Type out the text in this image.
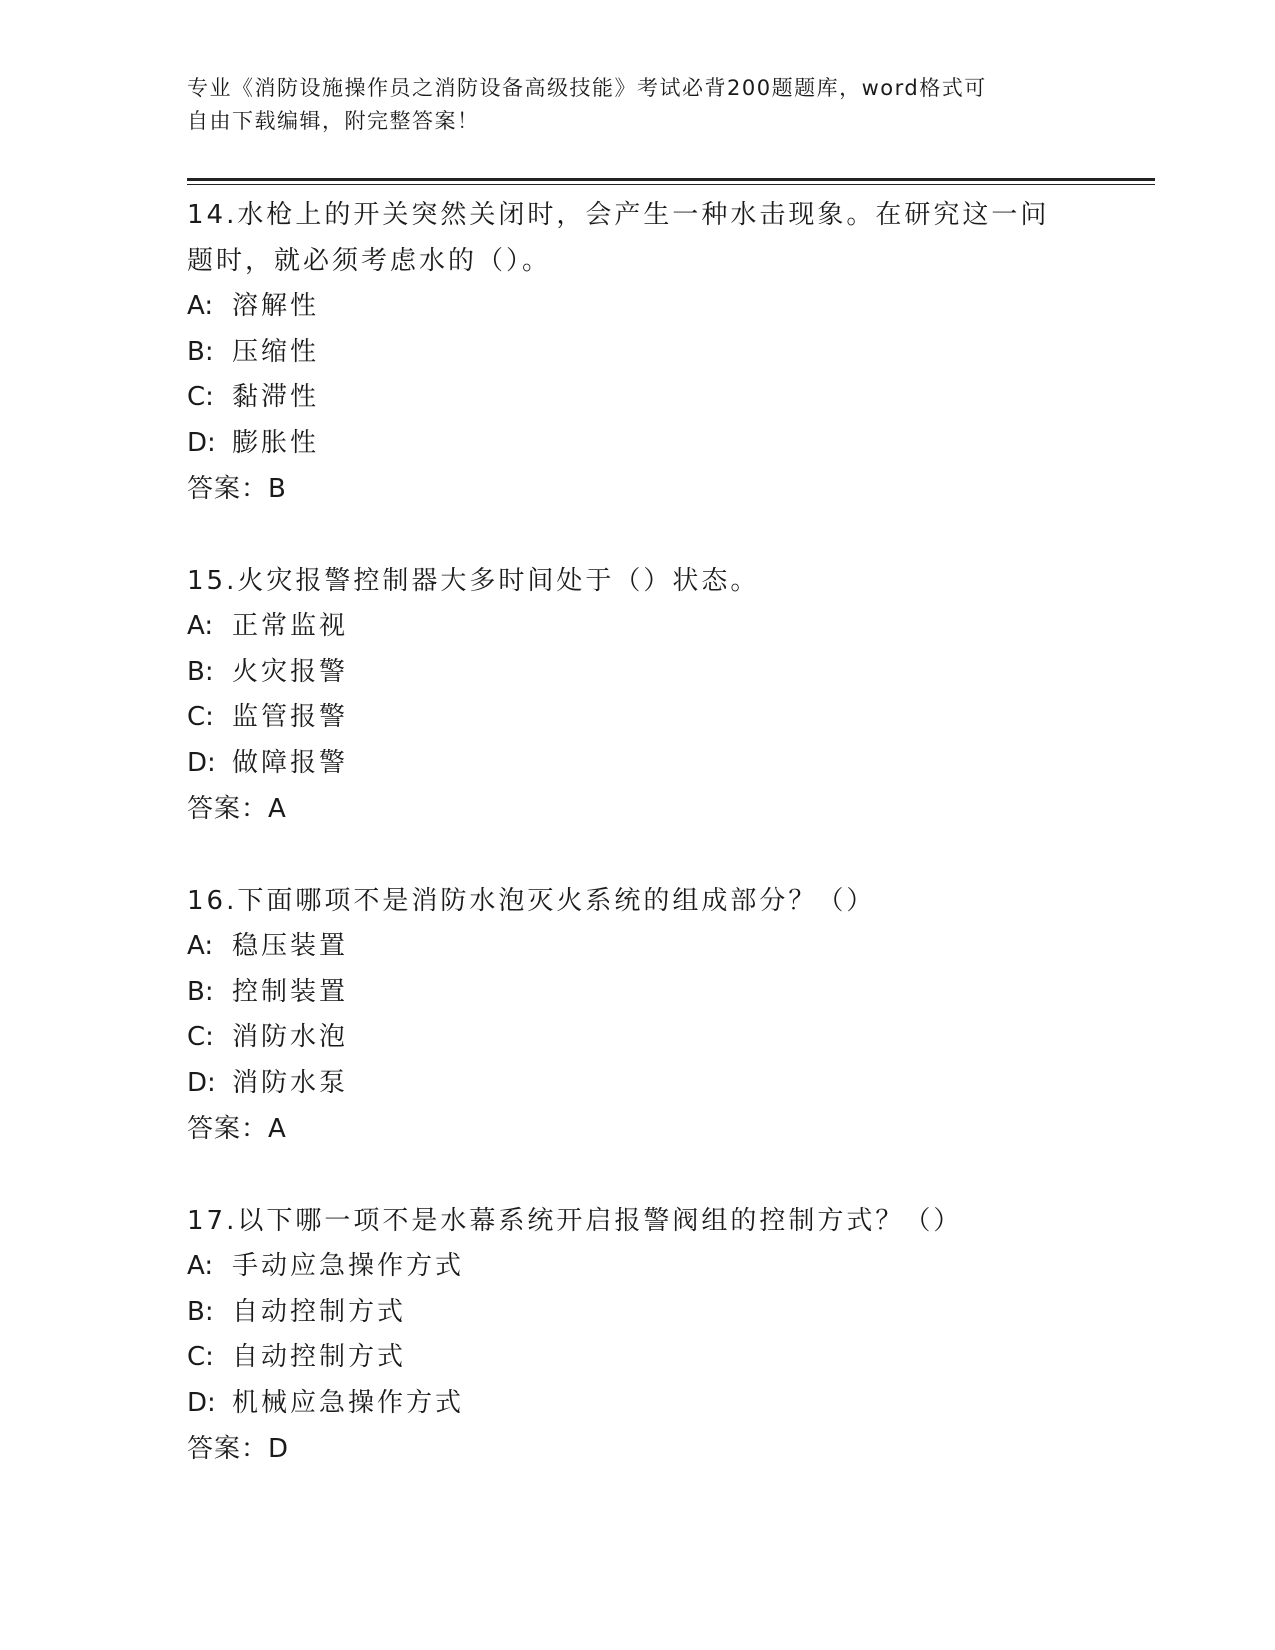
专业《消防设施操作员之消防设备高级技能》考试必背200题题库，word格式可
自由下载编辑，附完整答案！
14.水枪上的开关突然关闭时，会产生一种水击现象。在研究这一问题时，就必须考虑水的（）。
A: 溶解性
B: 压缩性
C: 黏滞性
D: 膨胀性
答案：B
15.火灾报警控制器大多时间处于（）状态。
A: 正常监视
B: 火灾报警
C: 监管报警
D: 做障报警
答案：A
16.下面哪项不是消防水泡灭火系统的组成部分？（）
A: 稳压装置
B: 控制装置
C: 消防水泡
D: 消防水泵
答案：A
17.以下哪一项不是水幕系统开启报警阀组的控制方式？（）
A: 手动应急操作方式
B: 自动控制方式
C: 自动控制方式
D: 机械应急操作方式
答案：D
